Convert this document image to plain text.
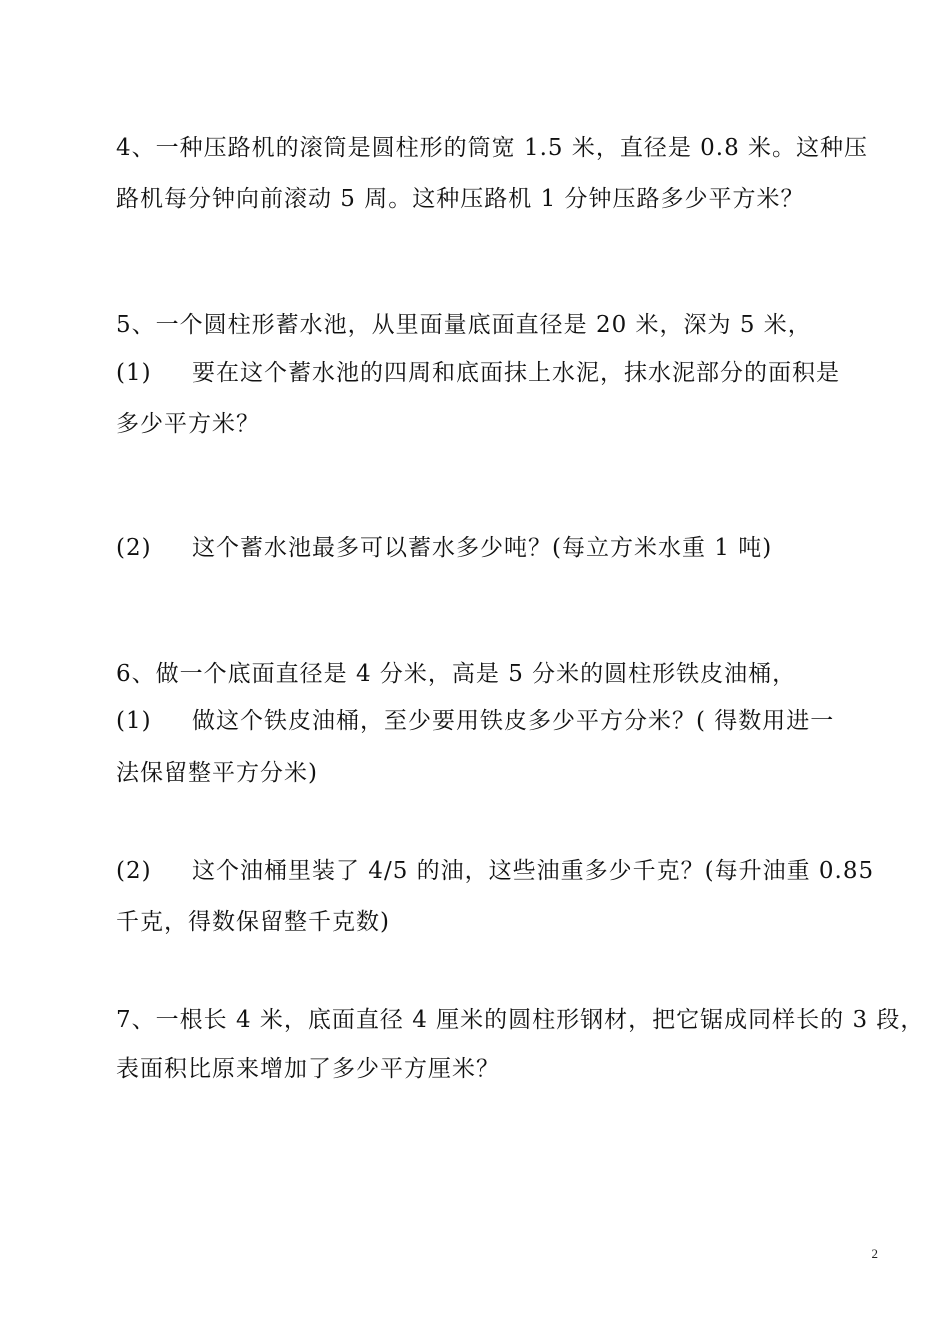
4、一种压路机的滚筒是圆柱形的筒宽 1.5 米，直径是 0.8 米。这种压
路机每分钟向前滚动 5 周。这种压路机 1 分钟压路多少平方米？
5、一个圆柱形蓄水池，从里面量底面直径是 20 米，深为 5 米，
(1) 要在这个蓄水池的四周和底面抹上水泥，抹水泥部分的面积是
多少平方米？
(2) 这个蓄水池最多可以蓄水多少吨？(每立方米水重 1 吨)
6、做一个底面直径是 4 分米，高是 5 分米的圆柱形铁皮油桶，
(1) 做这个铁皮油桶，至少要用铁皮多少平方分米？( 得数用进一
法保留整平方分米)
(2) 这个油桶里装了 4/5 的油，这些油重多少千克？(每升油重 0.85
千克，得数保留整千克数)
7、一根长 4 米，底面直径 4 厘米的圆柱形钢材，把它锯成同样长的 3 段，
表面积比原来增加了多少平方厘米？
2
